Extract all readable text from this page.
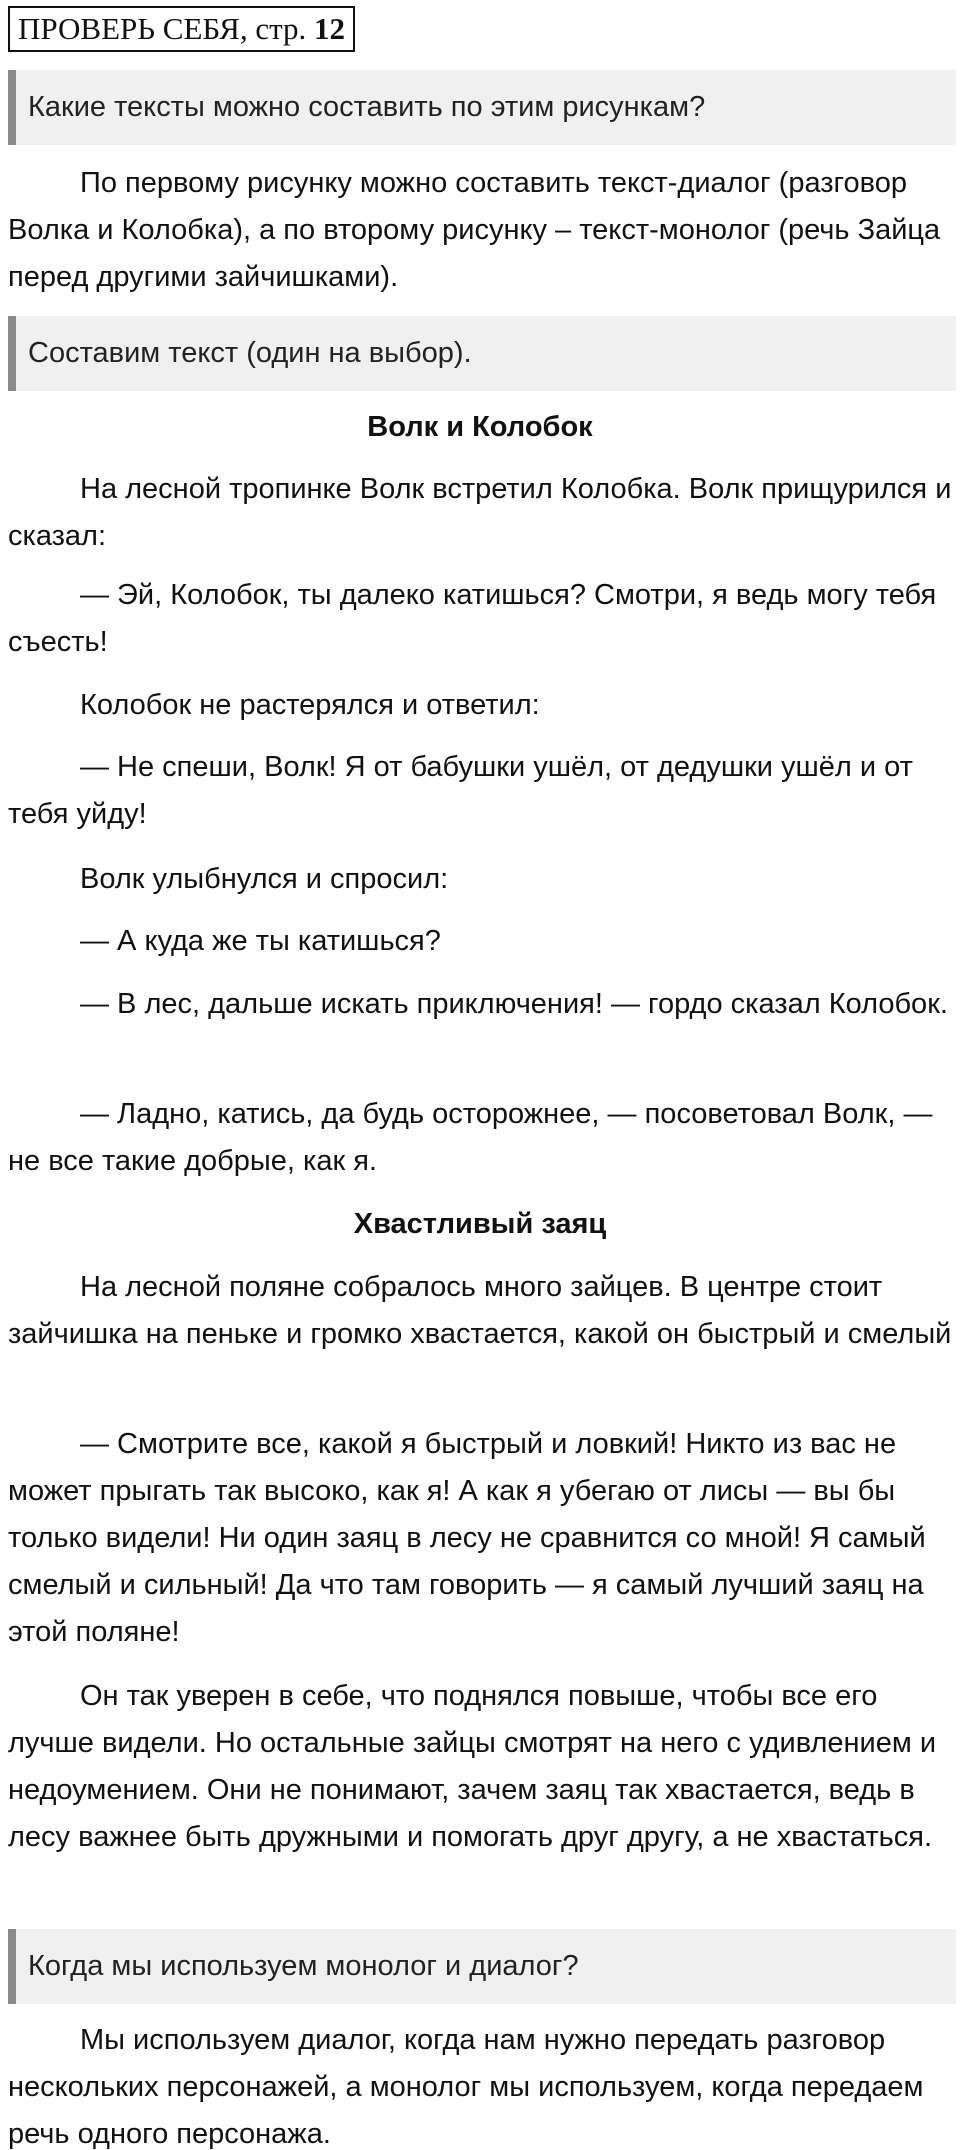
ПРОВЕРЬ СЕБЯ, стр. 12
Какие тексты можно составить по этим рисункам?

По первому рисунку можно составить текст-диалог (разговор Волка и Колобка), а по второму рисунку – текст-монолог (речь Зайца перед другими зайчишками).

Составим текст (один на выбор).
Волк и Колобок

На лесной тропинке Волк встретил Колобка. Волк прищурился и сказал:

— Эй, Колобок, ты далеко катишься? Смотри, я ведь могу тебя съесть!

Колобок не растерялся и ответил:

— Не спеши, Волк! Я от бабушки ушёл, от дедушки ушёл и от тебя уйду!

Волк улыбнулся и спросил:

— А куда же ты катишься?

— В лес, дальше искать приключения! — гордо сказал Колобок.

— Ладно, катись, да будь осторожнее, — посоветовал Волк, — не все такие добрые, как я.

Хвастливый заяц

На лесной поляне собралось много зайцев. В центре стоит зайчишка на пеньке и громко хвастается, какой он быстрый и смелый

— Смотрите все, какой я быстрый и ловкий! Никто из вас не может прыгать так высоко, как я! А как я убегаю от лисы — вы бы только видели! Ни один заяц в лесу не сравнится со мной! Я самый смелый и сильный! Да что там говорить — я самый лучший заяц на этой поляне!

Он так уверен в себе, что поднялся повыше, чтобы все его лучше видели. Но остальные зайцы смотрят на него с удивлением и недоумением. Они не понимают, зачем заяц так хвастается, ведь в лесу важнее быть дружными и помогать друг другу, а не хвастаться.

Когда мы используем монолог и диалог?

Мы используем диалог, когда нам нужно передать разговор нескольких персонажей, а монолог мы используем, когда передаем речь одного персонажа.
